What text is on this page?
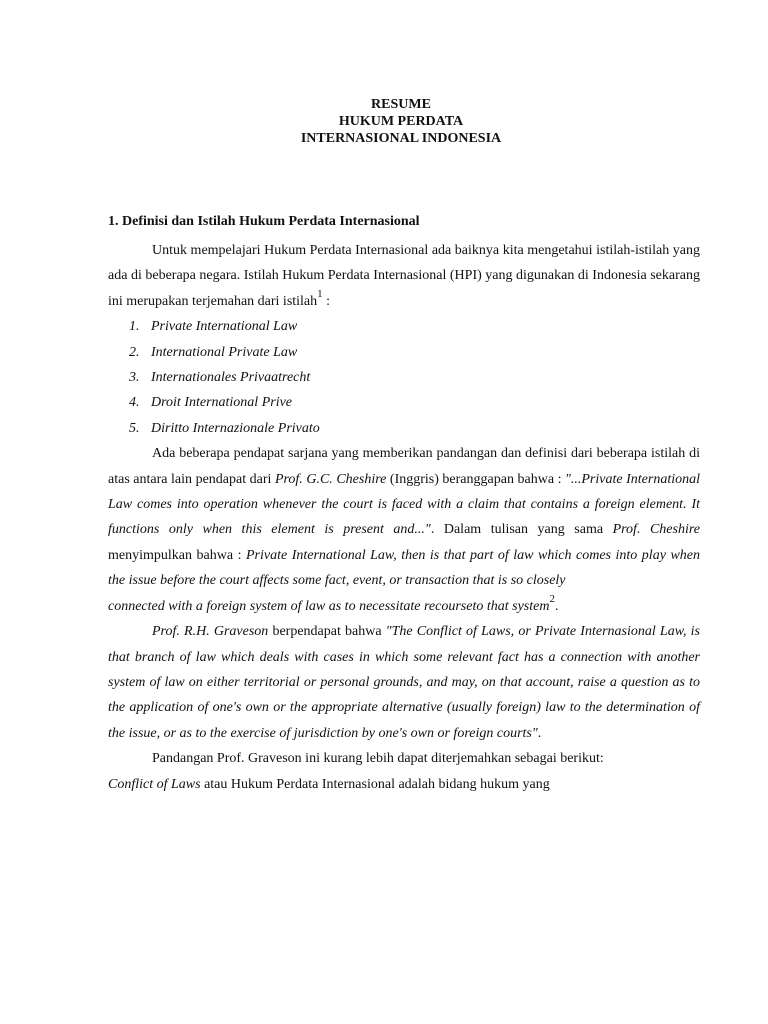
RESUME
HUKUM PERDATA
INTERNASIONAL INDONESIA
1. Definisi dan Istilah Hukum Perdata Internasional

Untuk mempelajari Hukum Perdata Internasional ada baiknya kita mengetahui istilah-istilah yang ada di beberapa negara. Istilah Hukum Perdata Internasional (HPI) yang digunakan di Indonesia sekarang ini merupakan terjemahan dari istilah$^1$ :

1. Private International Law
2. International Private Law
3. Internationales Privaatrecht
4. Droit International Prive
5. Diritto Internazionale Privato

Ada beberapa pendapat sarjana yang memberikan pandangan dan definisi dari beberapa istilah di atas antara lain pendapat dari Prof. G.C. Cheshire (Inggris) beranggapan bahwa : "...Private International Law comes into operation whenever the court is faced with a claim that contains a foreign element. It functions only when this element is present and...". Dalam tulisan yang sama Prof. Cheshire menyimpulkan bahwa : Private International Law, then is that part of law which comes into play when the issue before the court affects some fact, event, or transaction that is so closely

connected with a foreign system of law as to necessitate recourseto that system$^2$.

Prof. R.H. Graveson berpendapat bahwa "The Conflict of Laws, or Private Internasional Law, is that branch of law which deals with cases in which some relevant fact has a connection with another system of law on either territorial or personal grounds, and may, on that account, raise a question as to the application of one's own or the appropriate alternative (usually foreign) law to the determination of the issue, or as to the exercise of jurisdiction by one's own or foreign courts".

Pandangan Prof. Graveson ini kurang lebih dapat diterjemahkan sebagai berikut:

Conflict of Laws atau Hukum Perdata Internasional adalah bidang hukum yang
